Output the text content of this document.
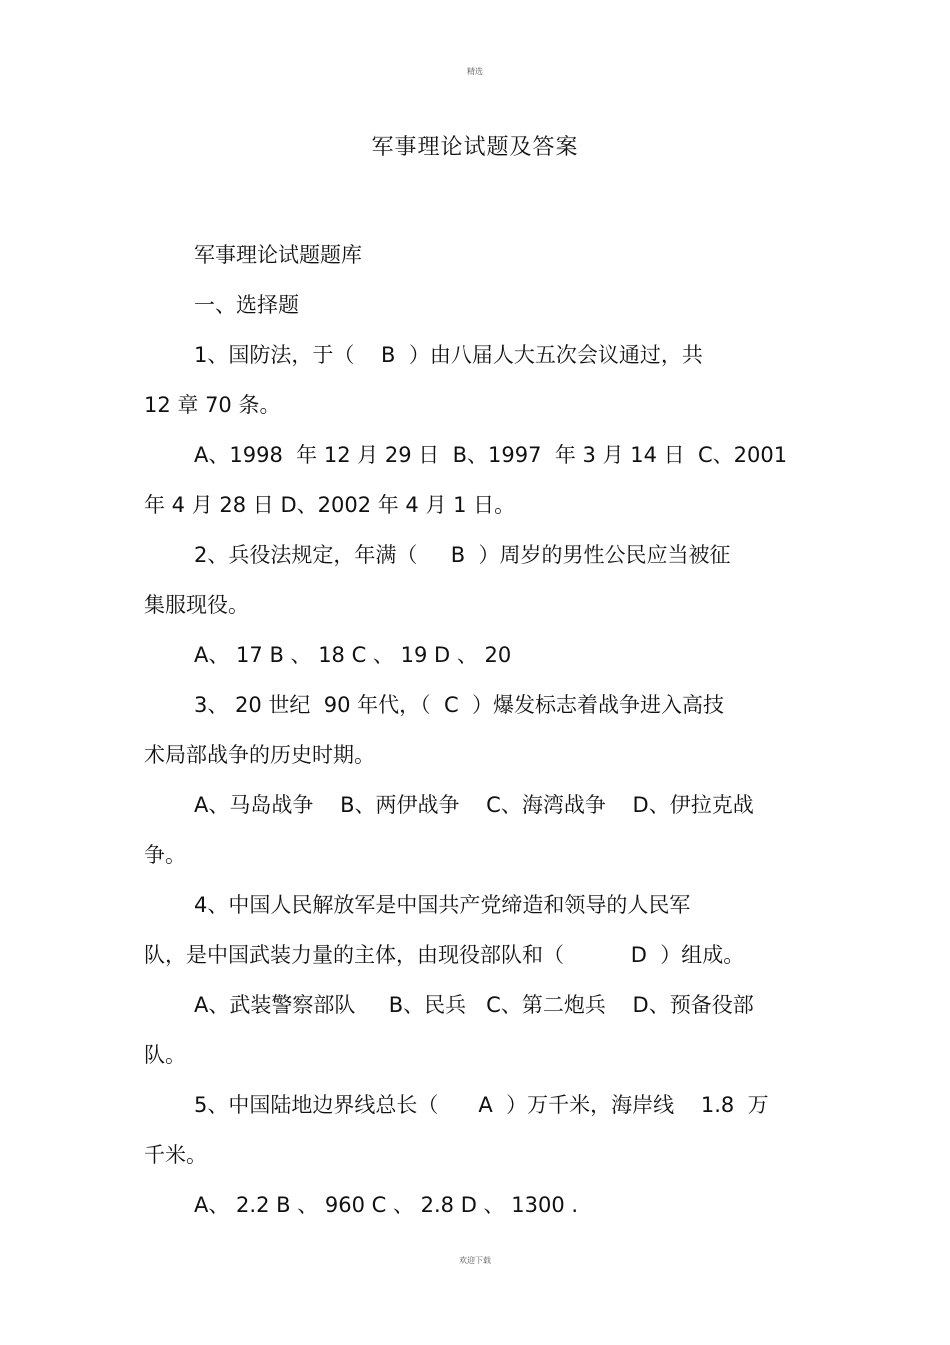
精选
军事理论试题及答案

军事理论试题题库

一、选择题

1、国防法，于（    B  ）由八届人大五次会议通过，共

12 章 70 条。

A、1998  年 12 月 29 日  B、1997  年 3 月 14 日  C、2001

年 4 月 28 日 D、2002 年 4 月 1 日。

2、兵役法规定，年满（     B  ）周岁的男性公民应当被征

集服现役。

A、 17 B 、 18 C 、 19 D 、 20

3、 20 世纪  90 年代，（  C  ）爆发标志着战争进入高技

术局部战争的历史时期。

A、马岛战争    B、两伊战争    C、海湾战争    D、伊拉克战

争。

4、中国人民解放军是中国共产党缔造和领导的人民军

队，是中国武装力量的主体，由现役部队和（          D  ）组成。

A、武装警察部队     B、民兵   C、第二炮兵    D、预备役部

队。

5、中国陆地边界线总长（      A  ）万千米，海岸线    1.8  万

千米。

A、 2.2 B 、 960 C 、 2.8 D 、 1300 .

欢迎下载
